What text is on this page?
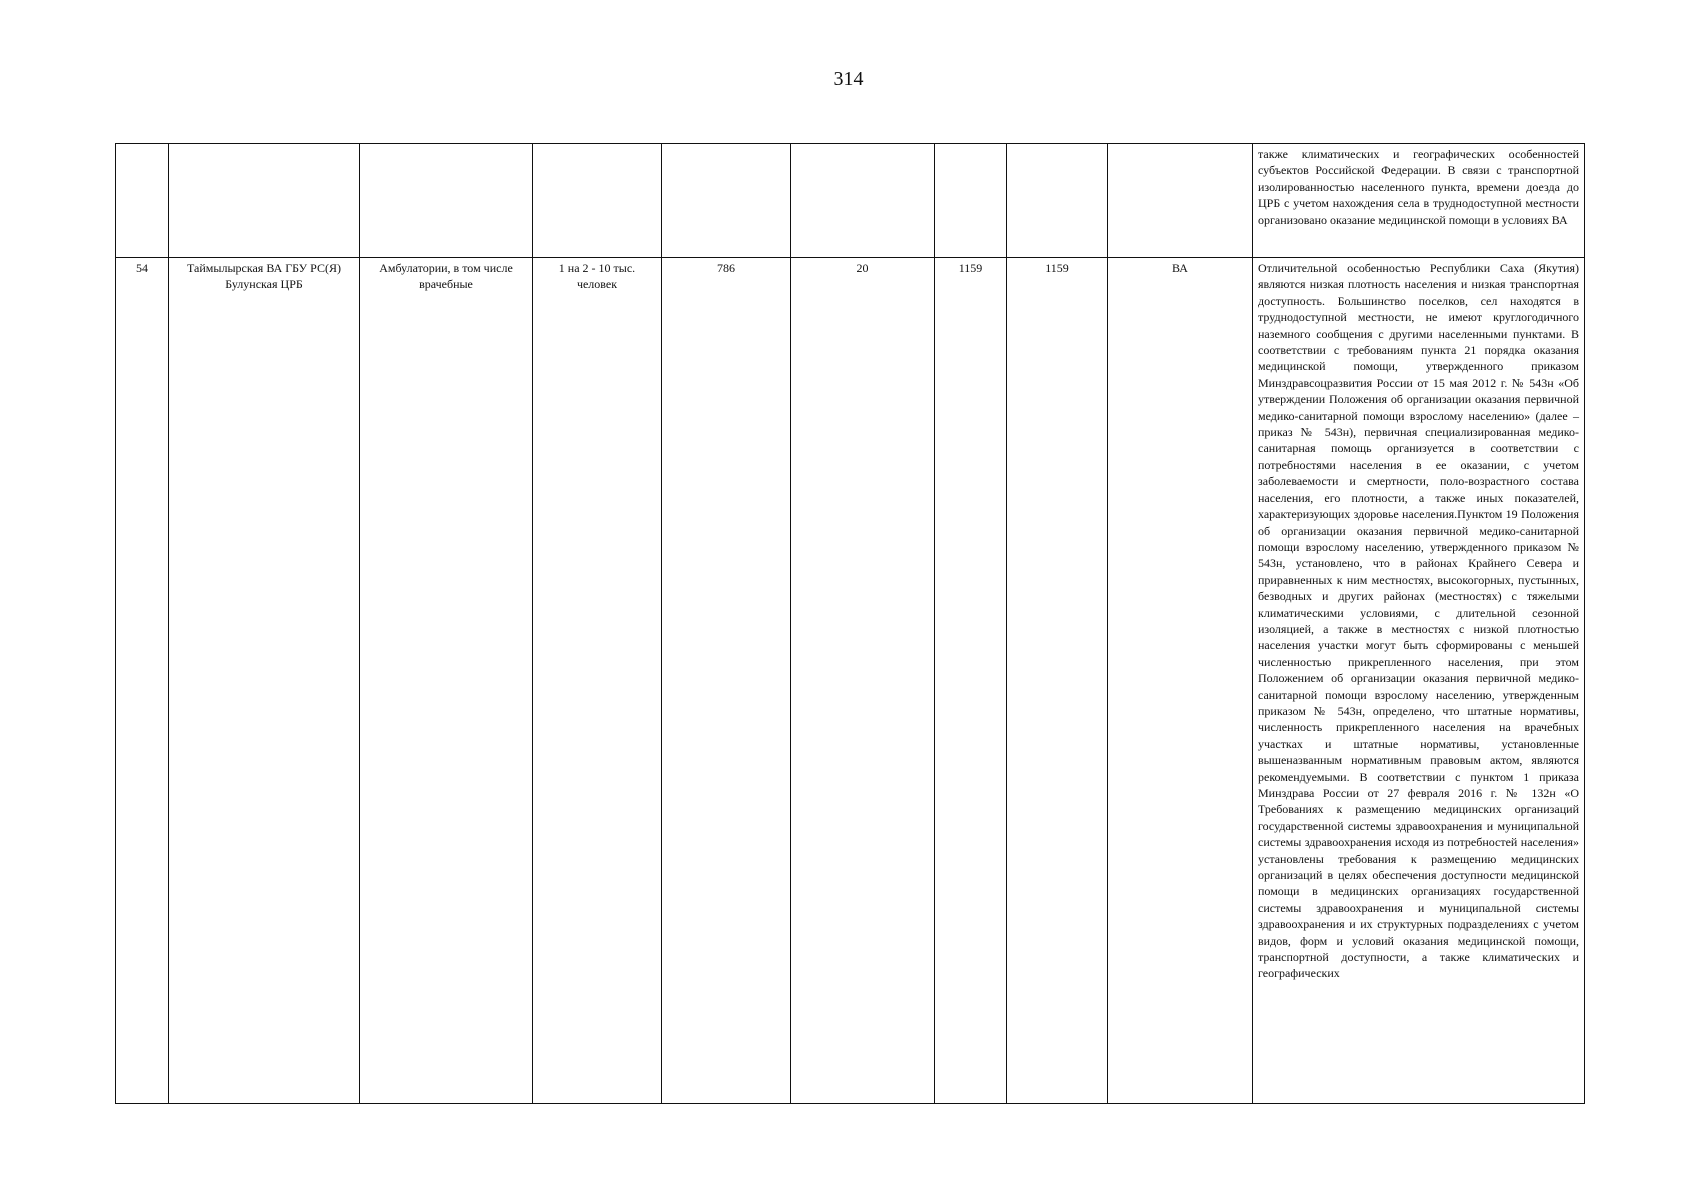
314
									также климатических и географических особенностей субъектов Российской Федерации. В связи с транспортной изолированностью населенного пункта, времени доезда до ЦРБ с учетом нахождения села в труднодоступной местности организовано оказание медицинской помощи в условиях ВА
54	Таймылырская ВА ГБУ РС(Я) Булунская ЦРБ	Амбулатории, в том числе врачебные	1 на 2 - 10 тыс. человек	786	20	1159	1159	ВА	Отличительной особенностью Республики Саха (Якутия) являются низкая плотность населения и низкая транспортная доступность. Большинство поселков, сел находятся в труднодоступной местности, не имеют круглогодичного наземного сообщения с другими населенными пунктами. В соответствии с требованиям пункта 21 порядка оказания медицинской помощи, утвержденного приказом Минздравсоцразвития России от 15 мая 2012 г. № 543н «Об утверждении Положения об организации оказания первичной медико-санитарной помощи взрослому населению» (далее – приказ № 543н), первичная специализированная медико-санитарная помощь организуется в соответствии с потребностями населения в ее оказании, с учетом заболеваемости и смертности, поло-возрастного состава населения, его плотности, а также иных показателей, характеризующих здоровье населения.Пунктом 19 Положения об организации оказания первичной медико-санитарной помощи взрослому населению, утвержденного приказом № 543н, установлено, что в районах Крайнего Севера и приравненных к ним местностях, высокогорных, пустынных, безводных и других районах (местностях) с тяжелыми климатическими условиями, с длительной сезонной изоляцией, а также в местностях с низкой плотностью населения участки могут быть сформированы с меньшей численностью прикрепленного населения, при этом Положением об организации оказания первичной медико-санитарной помощи взрослому населению, утвержденным приказом № 543н, определено, что штатные нормативы, численность прикрепленного населения на врачебных участках и штатные нормативы, установленные вышеназванным нормативным правовым актом, являются рекомендуемыми. В соответствии с пунктом 1 приказа Минздрава России от 27 февраля 2016 г. № 132н «О Требованиях к размещению медицинских организаций государственной системы здравоохранения и муниципальной системы здравоохранения исходя из потребностей населения» установлены требования к размещению медицинских организаций в целях обеспечения доступности медицинской помощи в медицинских организациях государственной системы здравоохранения и муниципальной системы здравоохранения и их структурных подразделениях с учетом видов, форм и условий оказания медицинской помощи, транспортной доступности, а также климатических и географических
